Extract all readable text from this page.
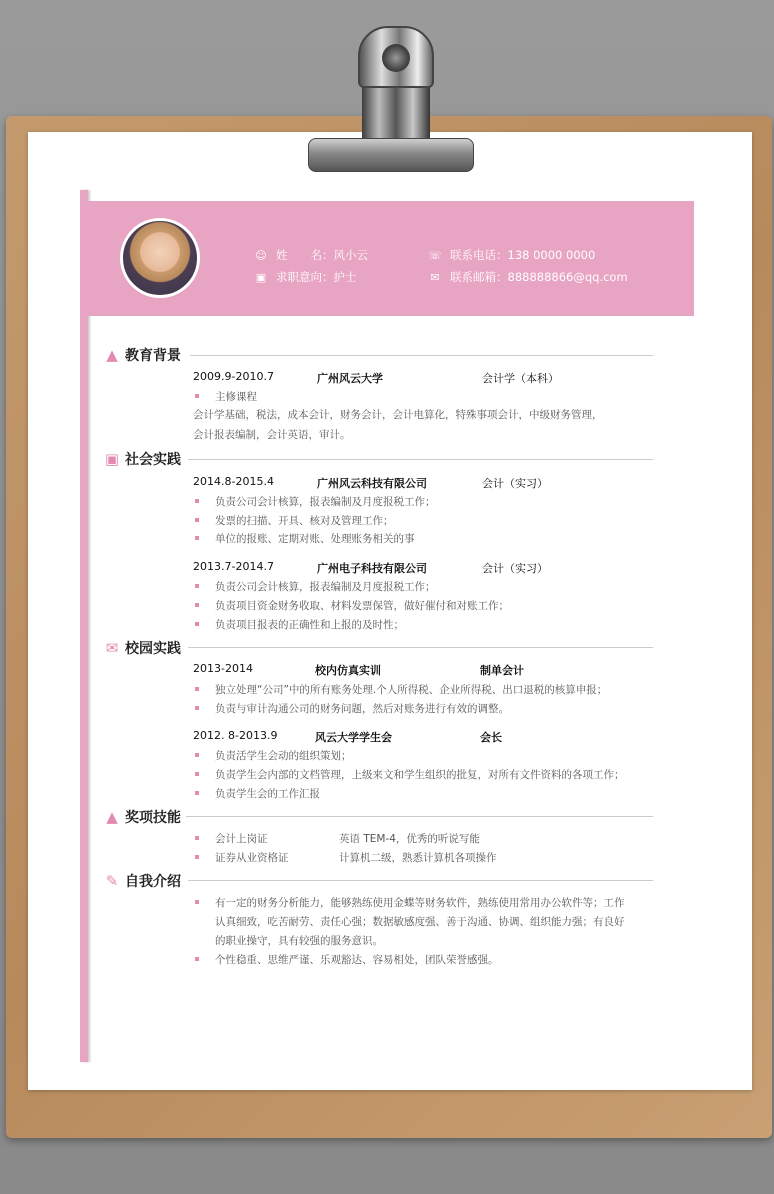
☺ 姓　　名： 风小云
▣ 求职意向： 护士
☏ 联系电话： 138 0000 0000
✉ 联系邮箱： 888888866@qq.com
▲ 教育背景
2009.9-2010.7	广州风云大学	会计学（本科）
主修课程
会计学基础，税法，成本会计，财务会计，会计电算化，特殊事项会计，中级财务管理，
会计报表编制，会计英语，审计。
▣ 社会实践
2014.8-2015.4	广州风云科技有限公司	会计（实习）
负责公司会计核算，报表编制及月度报税工作；
发票的扫描、开具、核对及管理工作；
单位的报账、定期对账、处理账务相关的事
2013.7-2014.7	广州电子科技有限公司	会计（实习）
负责公司会计核算，报表编制及月度报税工作；
负责项目资金财务收取、材料发票保管，做好催付和对账工作；
负责项目报表的正确性和上报的及时性；
✉ 校园实践
2013-2014	校内仿真实训	制单会计
独立处理“公司”中的所有账务处理.个人所得税、企业所得税、出口退税的核算申报；
负责与审计沟通公司的财务问题，然后对账务进行有效的调整。
2012. 8-2013.9	风云大学学生会	会长
负责活学生会动的组织策划；
负责学生会内部的文档管理，上级来文和学生组织的批复，对所有文件资料的各项工作；
负责学生会的工作汇报
▲ 奖项技能
会计上岗证	英语 TEM-4，优秀的听说写能
证券从业资格证	计算机二级，熟悉计算机各项操作
✎ 自我介绍
有一定的财务分析能力，能够熟练使用金蝶等财务软件，熟练使用常用办公软件等；工作
认真细致，吃苦耐劳、责任心强；数据敏感度强、善于沟通、协调、组织能力强；有良好
的职业操守，具有较强的服务意识。
个性稳重、思维严谨、乐观豁达、容易相处，团队荣誉感强。
